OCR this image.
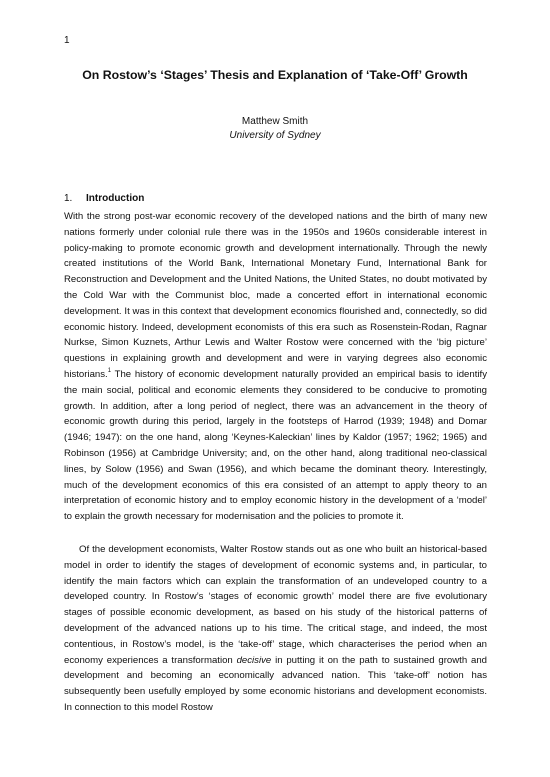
1
On Rostow’s ‘Stages’ Thesis and Explanation of ‘Take-Off’ Growth
Matthew Smith
University of Sydney
1. Introduction
With the strong post-war economic recovery of the developed nations and the birth of many new nations formerly under colonial rule there was in the 1950s and 1960s considerable interest in policy-making to promote economic growth and development internationally. Through the newly created institutions of the World Bank, International Monetary Fund, International Bank for Reconstruction and Development and the United Nations, the United States, no doubt motivated by the Cold War with the Communist bloc, made a concerted effort in international economic development. It was in this context that development economics flourished and, connectedly, so did economic history. Indeed, development economists of this era such as Rosenstein-Rodan, Ragnar Nurkse, Simon Kuznets, Arthur Lewis and Walter Rostow were concerned with the ‘big picture’ questions in explaining growth and development and were in varying degrees also economic historians.$^1$ The history of economic development naturally provided an empirical basis to identify the main social, political and economic elements they considered to be conducive to promoting growth. In addition, after a long period of neglect, there was an advancement in the theory of economic growth during this period, largely in the footsteps of Harrod (1939; 1948) and Domar (1946; 1947): on the one hand, along ‘Keynes-Kaleckian’ lines by Kaldor (1957; 1962; 1965) and Robinson (1956) at Cambridge University; and, on the other hand, along traditional neo-classical lines, by Solow (1956) and Swan (1956), and which became the dominant theory. Interestingly, much of the development economics of this era consisted of an attempt to apply theory to an interpretation of economic history and to employ economic history in the development of a ‘model’ to explain the growth necessary for modernisation and the policies to promote it.
Of the development economists, Walter Rostow stands out as one who built an historical-based model in order to identify the stages of development of economic systems and, in particular, to identify the main factors which can explain the transformation of an undeveloped country to a developed country. In Rostow’s ‘stages of economic growth’ model there are five evolutionary stages of possible economic development, as based on his study of the historical patterns of development of the advanced nations up to his time. The critical stage, and indeed, the most contentious, in Rostow’s model, is the ‘take-off’ stage, which characterises the period when an economy experiences a transformation decisive in putting it on the path to sustained growth and development and becoming an economically advanced nation. This ‘take-off’ notion has subsequently been usefully employed by some economic historians and development economists. In connection to this model Rostow
